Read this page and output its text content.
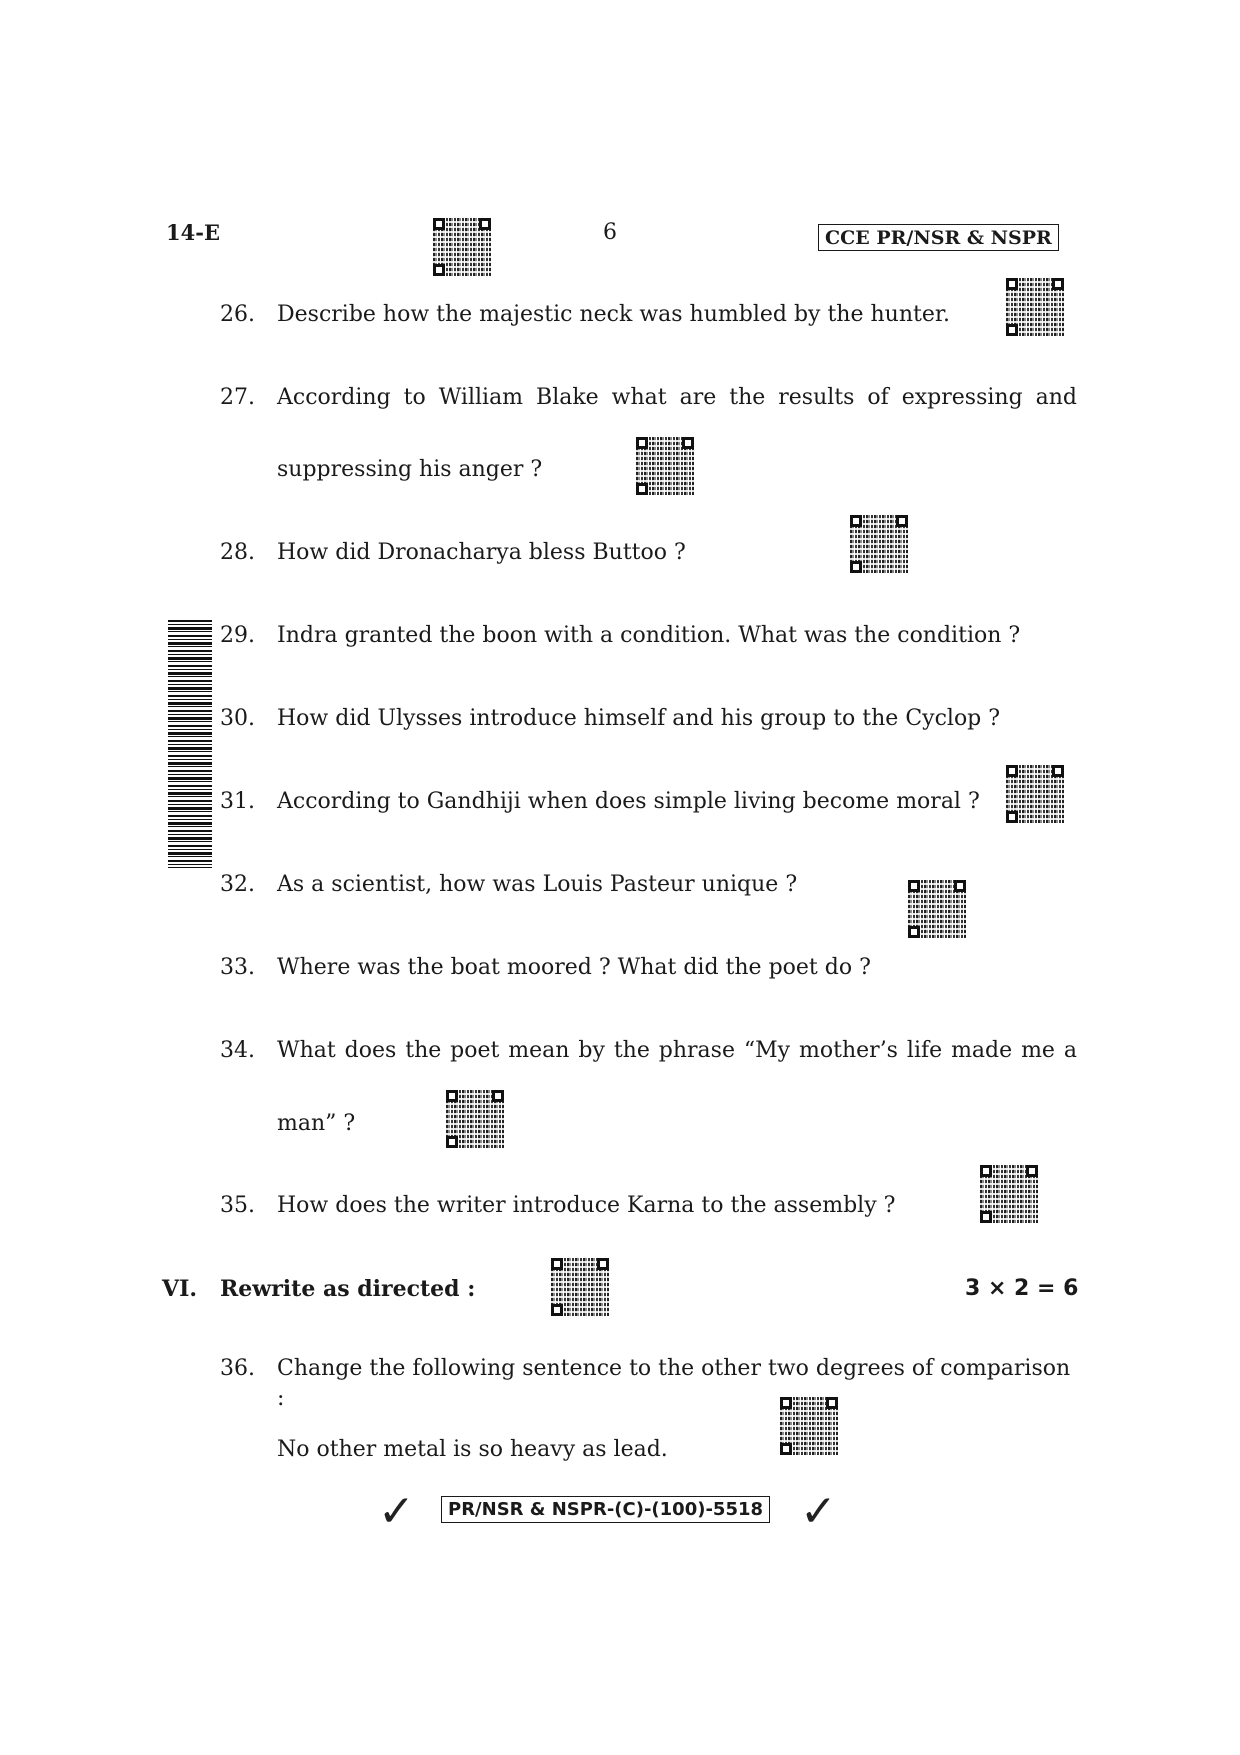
14-E	6	CCE PR/NSR & NSPR
26. Describe how the majestic neck was humbled by the hunter.
27. According to William Blake what are the results of expressing and
suppressing his anger ?
28. How did Dronacharya bless Buttoo ?
29. Indra granted the boon with a condition. What was the condition ?
30. How did Ulysses introduce himself and his group to the Cyclop ?
31. According to Gandhiji when does simple living become moral ?
32. As a scientist, how was Louis Pasteur unique ?
33. Where was the boat moored ? What did the poet do ?
34. What does the poet mean by the phrase “My mother’s life made me a
man” ?
35. How does the writer introduce Karna to the assembly ?
VI. Rewrite as directed :	3 × 2 = 6
36. Change the following sentence to the other two degrees of comparison :
No other metal is so heavy as lead.
✓	PR/NSR & NSPR-(C)-(100)-5518 ✓
